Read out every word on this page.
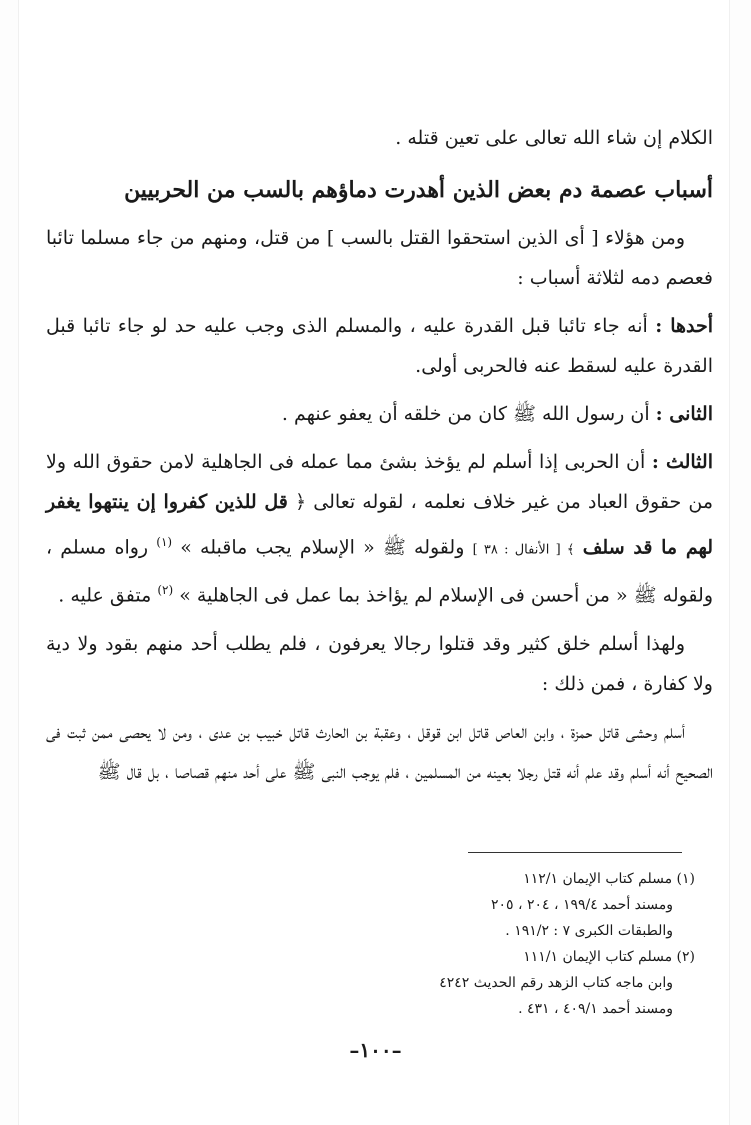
الكلام إن شاء الله تعالى على تعين قتله .

أسباب عصمة دم بعض الذين أهدرت دماؤهم بالسب من الحربيين

ومن هؤلاء [ أى الذين استحقوا القتل بالسب ] من قتل، ومنهم من جاء مسلما تائبا فعصم دمه لثلاثة أسباب :

أحدها : أنه جاء تائبا قبل القدرة عليه ، والمسلم الذى وجب عليه حد لو جاء تائبا قبل القدرة عليه لسقط عنه فالحربى أولى.

الثانى : أن رسول الله ﷺ كان من خلقه أن يعفو عنهم .

الثالث : أن الحربى إذا أسلم لم يؤخذ بشئ مما عمله فى الجاهلية لامن حقوق الله ولا من حقوق العباد من غير خلاف نعلمه ، لقوله تعالى ﴿ قل للذين كفروا إن ينتهوا يغفر لهم ما قد سلف ﴾ [ الأنفال : ٣٨ ] ولقوله ﷺ « الإسلام يجب ماقبله » $^{(١)}$ رواه مسلم ، ولقوله ﷺ « من أحسن فى الإسلام لم يؤاخذ بما عمل فى الجاهلية » $^{(٢)}$ متفق عليه .

ولهذا أسلم خلق كثير وقد قتلوا رجالا يعرفون ، فلم يطلب أحد منهم بقود ولا دية ولا كفارة ، فمن ذلك :

أسلم وحشى قاتل حمزة ، وابن العاص قاتل ابن قوقل ، وعقبة بن الحارث قاتل خبيب بن عدى ، ومن لا يحصى ممن ثبت فى الصحيح أنه أسلم وقد علم أنه قتل رجلا بعينه من المسلمين ، فلم يوجب النبى ﷺ على أحد منهم قصاصا ، بل قال ﷺ

(١) مسلم كتاب الإيمان ١١٢/١
ومسند أحمد ١٩٩/٤ ، ٢٠٤ ، ٢٠٥
والطبقات الكبرى ٧ : ١٩١/٢ .
(٢) مسلم كتاب الإيمان ١١١/١
وابن ماجه كتاب الزهد رقم الحديث ٤٢٤٢
ومسند أحمد ٤٠٩/١ ، ٤٣١ .
–١٠٠–
